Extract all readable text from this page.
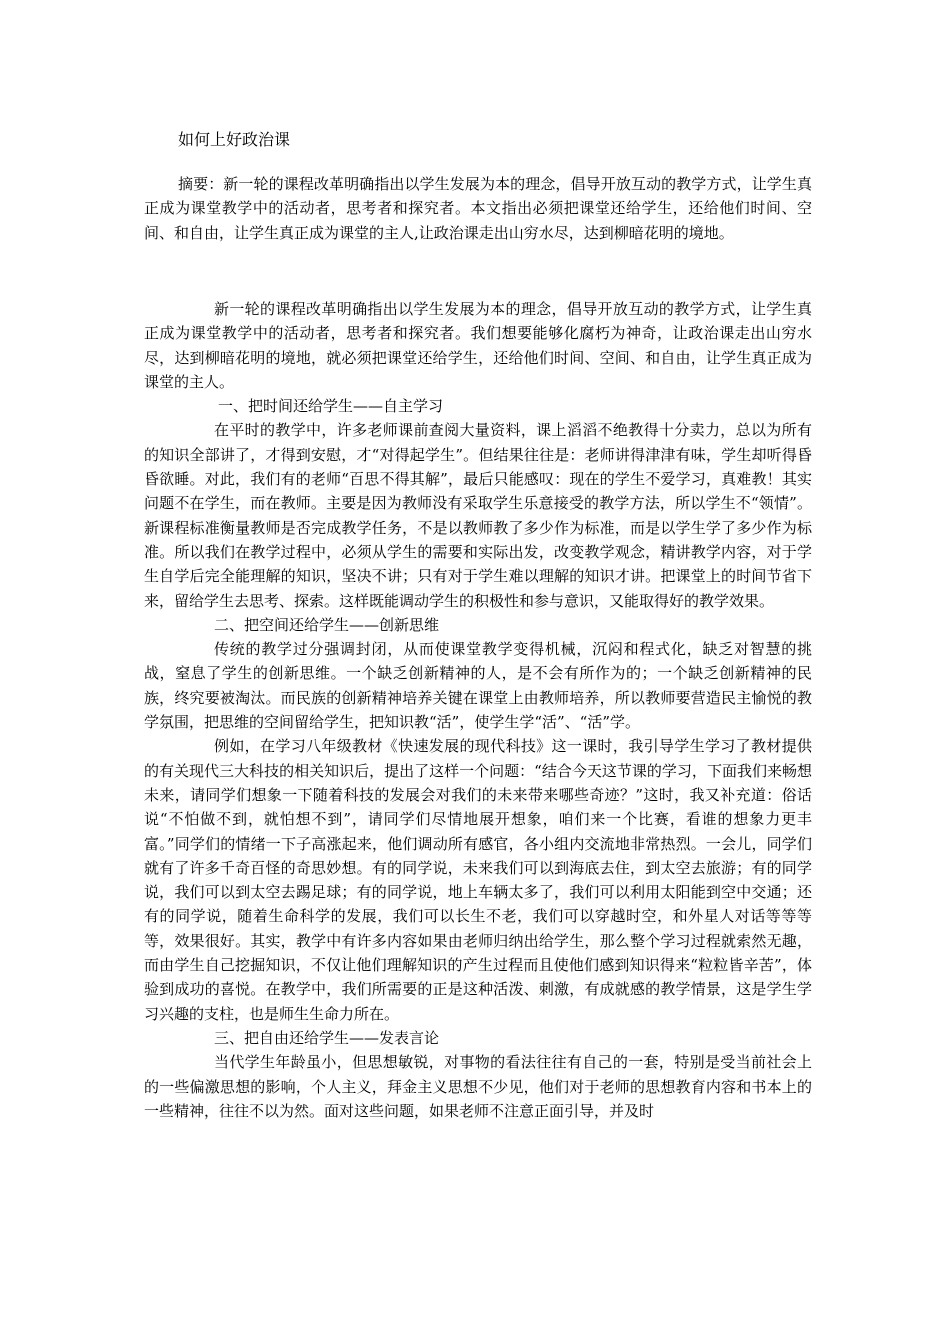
如何上好政治课

摘要：新一轮的课程改革明确指出以学生发展为本的理念，倡导开放互动的教学方式，让学生真正成为课堂教学中的活动者，思考者和探究者。本文指出必须把课堂还给学生，还给他们时间、空间、和自由，让学生真正成为课堂的主人,让政治课走出山穷水尽，达到柳暗花明的境地。

新一轮的课程改革明确指出以学生发展为本的理念，倡导开放互动的教学方式，让学生真正成为课堂教学中的活动者，思考者和探究者。我们想要能够化腐朽为神奇，让政治课走出山穷水尽，达到柳暗花明的境地，就必须把课堂还给学生，还给他们时间、空间、和自由，让学生真正成为课堂的主人。

一、把时间还给学生——自主学习

在平时的教学中，许多老师课前查阅大量资料，课上滔滔不绝教得十分卖力，总以为所有的知识全部讲了，才得到安慰，才“对得起学生”。但结果往往是：老师讲得津津有味，学生却听得昏昏欲睡。对此，我们有的老师“百思不得其解”，最后只能感叹：现在的学生不爱学习，真难教！其实问题不在学生，而在教师。主要是因为教师没有采取学生乐意接受的教学方法，所以学生不“领情”。新课程标准衡量教师是否完成教学任务，不是以教师教了多少作为标准，而是以学生学了多少作为标准。所以我们在教学过程中，必须从学生的需要和实际出发，改变教学观念，精讲教学内容，对于学生自学后完全能理解的知识，坚决不讲；只有对于学生难以理解的知识才讲。把课堂上的时间节省下来，留给学生去思考、探索。这样既能调动学生的积极性和参与意识，又能取得好的教学效果。

二、把空间还给学生——创新思维

传统的教学过分强调封闭，从而使课堂教学变得机械，沉闷和程式化，缺乏对智慧的挑战，窒息了学生的创新思维。一个缺乏创新精神的人，是不会有所作为的；一个缺乏创新精神的民族，终究要被淘汰。而民族的创新精神培养关键在课堂上由教师培养，所以教师要营造民主愉悦的教学氛围，把思维的空间留给学生，把知识教“活”，使学生学“活”、“活”学。

例如，在学习八年级教材《快速发展的现代科技》这一课时，我引导学生学习了教材提供的有关现代三大科技的相关知识后，提出了这样一个问题：“结合今天这节课的学习，下面我们来畅想未来，请同学们想象一下随着科技的发展会对我们的未来带来哪些奇迹？”这时，我又补充道：俗话说“不怕做不到，就怕想不到”，请同学们尽情地展开想象，咱们来一个比赛，看谁的想象力更丰富。”同学们的情绪一下子高涨起来，他们调动所有感官，各小组内交流地非常热烈。一会儿，同学们就有了许多千奇百怪的奇思妙想。有的同学说，未来我们可以到海底去住，到太空去旅游；有的同学说，我们可以到太空去踢足球；有的同学说，地上车辆太多了，我们可以利用太阳能到空中交通；还有的同学说，随着生命科学的发展，我们可以长生不老，我们可以穿越时空，和外星人对话等等等等，效果很好。其实，教学中有许多内容如果由老师归纳出给学生，那么整个学习过程就索然无趣，而由学生自己挖掘知识，不仅让他们理解知识的产生过程而且使他们感到知识得来“粒粒皆辛苦”，体验到成功的喜悦。在教学中，我们所需要的正是这种活泼、刺激，有成就感的教学情景，这是学生学习兴趣的支柱，也是师生生命力所在。

三、把自由还给学生——发表言论

当代学生年龄虽小，但思想敏锐，对事物的看法往往有自己的一套，特别是受当前社会上的一些偏激思想的影响，个人主义，拜金主义思想不少见，他们对于老师的思想教育内容和书本上的一些精神，往往不以为然。面对这些问题，如果老师不注意正面引导，并及时
